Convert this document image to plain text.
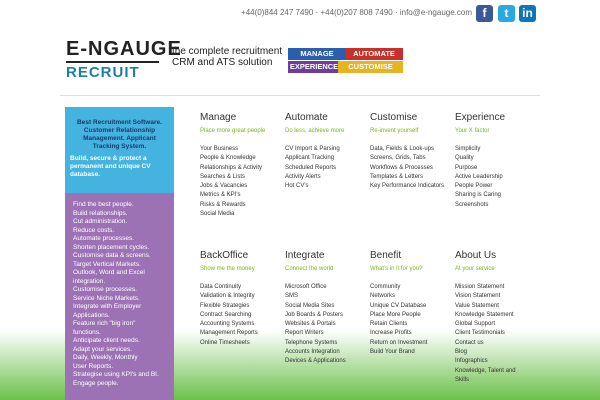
+44(0)844 247 7490 · +44(0)207 808 7490 · info@e-ngauge.com f	t	in
E-NGAUGE
RECRUIT
the complete recruitment CRM and ATS solution
MANAGE	AUTOMATE
EXPERIENCE	CUSTOMISE
Best Recruitment Software. Customer Relationship Management. Applicant Tracking System.
Build, secure & protect a permanent and unique CV database.
Find the best people.
Build relationships.
Cut administration.
Reduce costs.
Automate processes.
Shorten placement cycles.
Customise data & screens.
Target Vertical Markets.
Outlook, Word and Excel
integration.
Customise processes.
Service Niche Markets.
Integrate with Employer
Applications.
Feature rich "big iron"
functions.
Anticipate client needs.
Adapt your services.
Daily, Weekly, Monthly
User Reports.
Strategise using KPI's and BI.
Engage people.
Manage
Place more great people
Your Business
People & Knowledge
Relationships & Activity
Searches & Lists
Jobs & Vacancies
Metrics & KPI's
Risks & Rewards
Social Media
Automate
Do less, achieve more
CV Import & Parsing
Applicant Tracking
Scheduled Reports
Activity Alerts
Hot CV's
Customise
Re-invent yourself
Data, Fields & Look-ups
Screens, Grids, Tabs
Workflows & Processes
Templates & Letters
Key Performance Indicators
Experience
Your X factor
Simplicity
Quality
Purpose
Active Leadership
People Power
Sharing is Caring
Screenshots
BackOffice
Show me the money
Data Continuity
Validation & Integrity
Flexible Strategies
Contract Searching
Accounting Systems
Management Reports
Online Timesheets
Integrate
Connect the world
Microsoft Office
SMS
Social Media Sites
Job Boards & Posters
Websites & Portals
Report Writers
Telephone Systems
Accounts Integration
Devices & Applications
Benefit
What's in it for you?
Community
Networks
Unique CV Database
Place More People
Retain Clients
Increase Profits
Return on Investment
Build Your Brand
About Us
At your service
Mission Statement
Vision Statement
Value Statement
Knowledge Statement
Global Support
Client Testimonials
Contact us
Blog
Infographics
Knowledge, Talent and Skills
